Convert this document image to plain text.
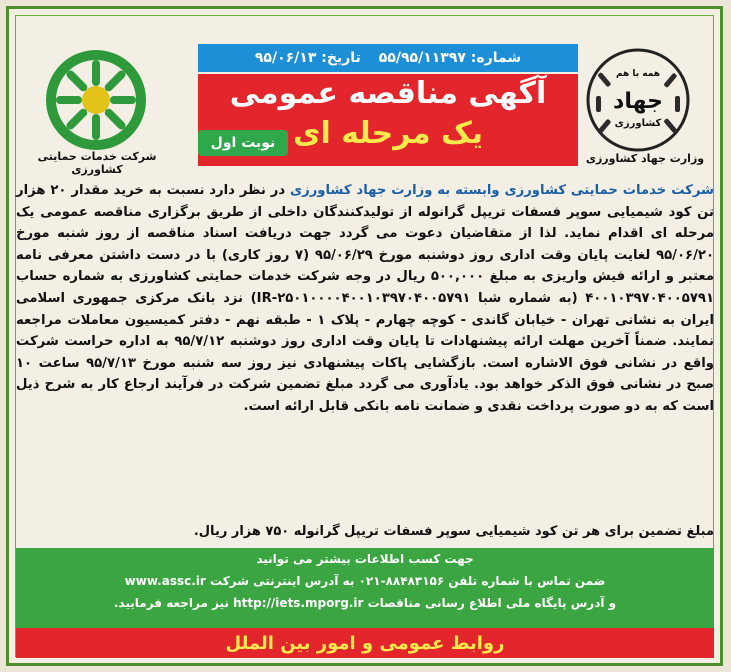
شرکت خدمات حمایتی کشاورزی
همه با هم
جهاد
کشاورزی
وزارت جهاد کشاورزی
شماره: ۵۵/۹۵/۱۱۳۹۷
تاریخ: ۹۵/۰۶/۱۳
آگهی مناقصه عمومی
یک مرحله ای
نوبت اول

شرکت خدمات حمایتی کشاورزی وابسته به وزارت جهاد کشاورزی در نظر دارد نسبت به خرید مقدار ۲۰ هزار تن کود شیمیایی سوپر فسفات تریپل گرانوله از تولیدکنندگان داخلی از طریق برگزاری مناقصه عمومی یک مرحله ای اقدام نماید. لذا از متقاضیان دعوت می گردد جهت دریافت اسناد مناقصه از روز شنبه مورخ ۹۵/۰۶/۲۰ لغایت پایان وقت اداری روز دوشنبه مورخ ۹۵/۰۶/۲۹ (۷ روز کاری) با در دست داشتن معرفی نامه معتبر و ارائه فیش واریزی به مبلغ ۵۰۰,۰۰۰ ریال در وجه شرکت خدمات حمایتی کشاورزی به شماره حساب ۴۰۰۱۰۳۹۷۰۴۰۰۵۷۹۱ (به شماره شبا IR-۲۵۰۱۰۰۰۰۴۰۰۱۰۳۹۷۰۴۰۰۵۷۹۱) نزد بانک مرکزی جمهوری اسلامی ایران به نشانی تهران - خیابان گاندی - کوچه چهارم - پلاک ۱ - طبقه نهم - دفتر کمیسیون معاملات مراجعه نمایند. ضمناً آخرین مهلت ارائه پیشنهادات تا پایان وقت اداری روز دوشنبه ۹۵/۷/۱۲ به اداره حراست شرکت واقع در نشانی فوق الاشاره است. بازگشایی پاکات پیشنهادی نیز روز سه شنبه مورخ ۹۵/۷/۱۳ ساعت ۱۰ صبح در نشانی فوق الذکر خواهد بود. یادآوری می گردد مبلغ تضمین شرکت در فرآیند ارجاع کار به شرح ذیل است که به دو صورت پرداخت نقدی و ضمانت نامه بانکی قابل ارائه است.

مبلغ تضمین برای هر تن کود شیمیایی سوپر فسفات تریپل گرانوله ۷۵۰ هزار ریال.
جهت کسب اطلاعات بیشتر می توانید
ضمن تماس با شماره تلفن ۸۸۴۸۳۱۵۶-۰۲۱ به آدرس اینترنتی شرکت www.assc.ir
و آدرس پایگاه ملی اطلاع رسانی مناقصات http://iets.mporg.ir نیز مراجعه فرمایید.
روابط عمومی و امور بین الملل
